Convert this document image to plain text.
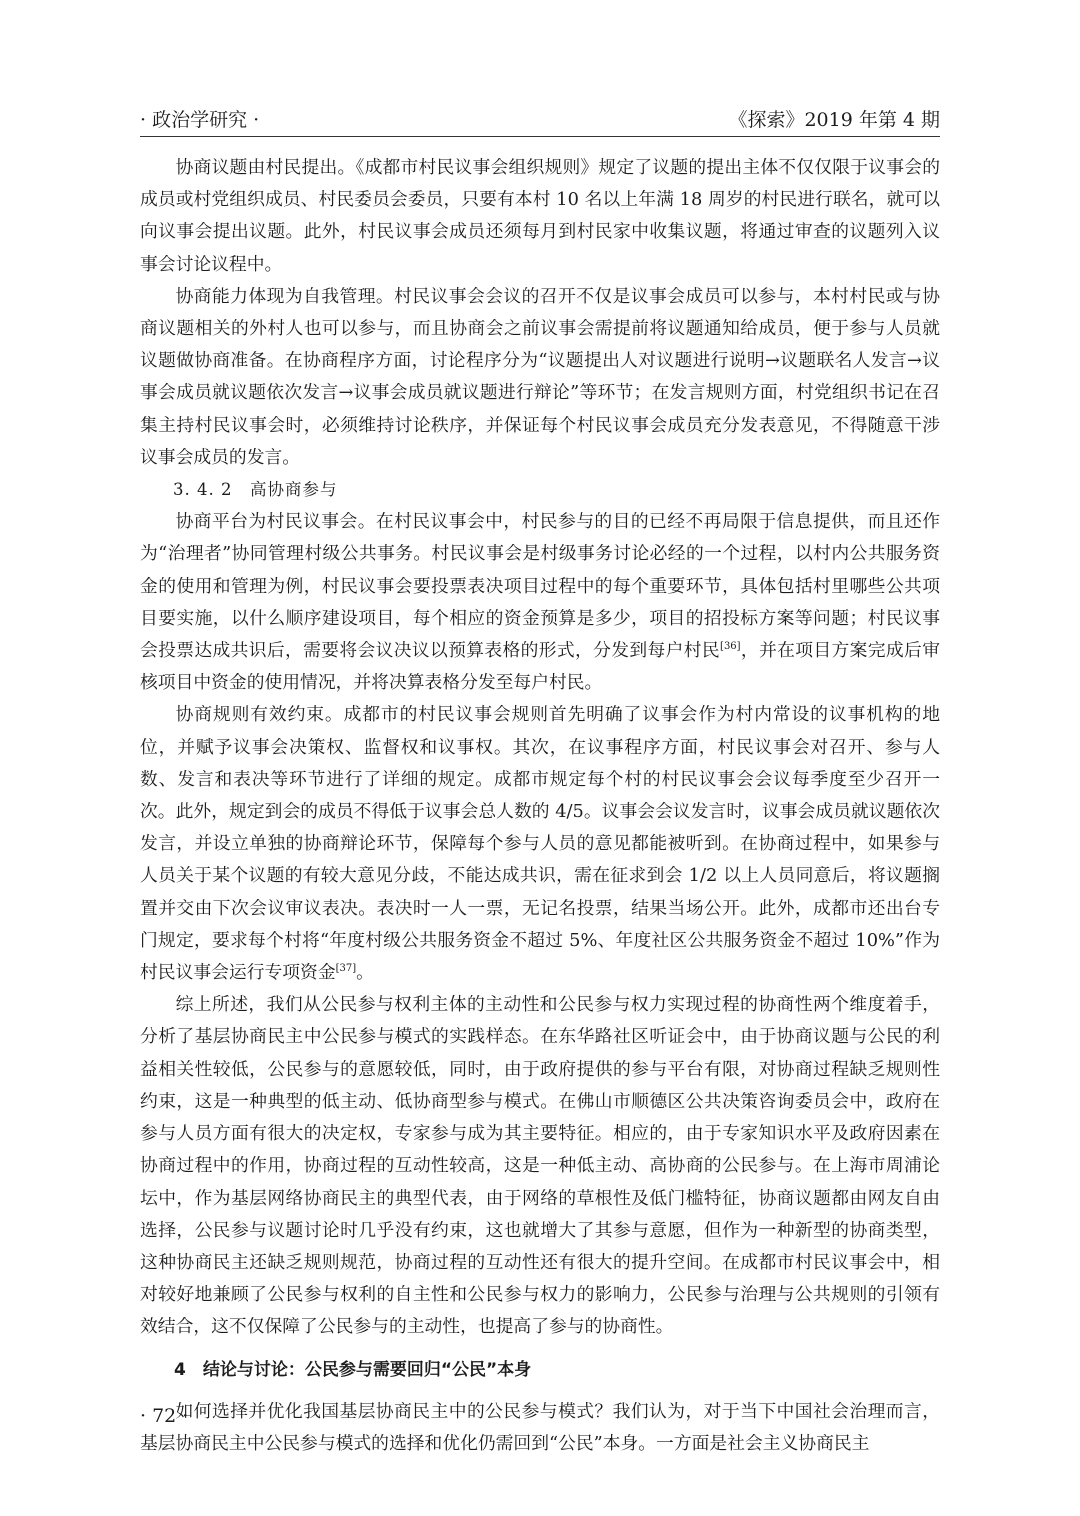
· 政治学研究 ·	《探索》2019 年第 4 期

协商议题由村民提出。《成都市村民议事会组织规则》规定了议题的提出主体不仅仅限于议事会的成员或村党组织成员、村民委员会委员，只要有本村 10 名以上年满 18 周岁的村民进行联名，就可以向议事会提出议题。此外，村民议事会成员还须每月到村民家中收集议题，将通过审查的议题列入议事会讨论议程中。

协商能力体现为自我管理。村民议事会会议的召开不仅是议事会成员可以参与，本村村民或与协商议题相关的外村人也可以参与，而且协商会之前议事会需提前将议题通知给成员，便于参与人员就议题做协商准备。在协商程序方面，讨论程序分为“议题提出人对议题进行说明→议题联名人发言→议事会成员就议题依次发言→议事会成员就议题进行辩论”等环节；在发言规则方面，村党组织书记在召集主持村民议事会时，必须维持讨论秩序，并保证每个村民议事会成员充分发表意见，不得随意干涉议事会成员的发言。

3. 4. 2　高协商参与

协商平台为村民议事会。在村民议事会中，村民参与的目的已经不再局限于信息提供，而且还作为“治理者”协同管理村级公共事务。村民议事会是村级事务讨论必经的一个过程，以村内公共服务资金的使用和管理为例，村民议事会要投票表决项目过程中的每个重要环节，具体包括村里哪些公共项目要实施，以什么顺序建设项目，每个相应的资金预算是多少，项目的招投标方案等问题；村民议事会投票达成共识后，需要将会议决议以预算表格的形式，分发到每户村民[36]，并在项目方案完成后审核项目中资金的使用情况，并将决算表格分发至每户村民。

协商规则有效约束。成都市的村民议事会规则首先明确了议事会作为村内常设的议事机构的地位，并赋予议事会决策权、监督权和议事权。其次，在议事程序方面，村民议事会对召开、参与人数、发言和表决等环节进行了详细的规定。成都市规定每个村的村民议事会会议每季度至少召开一次。此外，规定到会的成员不得低于议事会总人数的 4/5。议事会会议发言时，议事会成员就议题依次发言，并设立单独的协商辩论环节，保障每个参与人员的意见都能被听到。在协商过程中，如果参与人员关于某个议题的有较大意见分歧，不能达成共识，需在征求到会 1/2 以上人员同意后，将议题搁置并交由下次会议审议表决。表决时一人一票，无记名投票，结果当场公开。此外，成都市还出台专门规定，要求每个村将“年度村级公共服务资金不超过 5%、年度社区公共服务资金不超过 10%”作为村民议事会运行专项资金[37]。

综上所述，我们从公民参与权利主体的主动性和公民参与权力实现过程的协商性两个维度着手，分析了基层协商民主中公民参与模式的实践样态。在东华路社区听证会中，由于协商议题与公民的利益相关性较低，公民参与的意愿较低，同时，由于政府提供的参与平台有限，对协商过程缺乏规则性约束，这是一种典型的低主动、低协商型参与模式。在佛山市顺德区公共决策咨询委员会中，政府在参与人员方面有很大的决定权，专家参与成为其主要特征。相应的，由于专家知识水平及政府因素在协商过程中的作用，协商过程的互动性较高，这是一种低主动、高协商的公民参与。在上海市周浦论坛中，作为基层网络协商民主的典型代表，由于网络的草根性及低门槛特征，协商议题都由网友自由选择，公民参与议题讨论时几乎没有约束，这也就增大了其参与意愿，但作为一种新型的协商类型，这种协商民主还缺乏规则规范，协商过程的互动性还有很大的提升空间。在成都市村民议事会中，相对较好地兼顾了公民参与权利的自主性和公民参与权力的影响力，公民参与治理与公共规则的引领有效结合，这不仅保障了公民参与的主动性，也提高了参与的协商性。

4　结论与讨论：公民参与需要回归“公民”本身

如何选择并优化我国基层协商民主中的公民参与模式？我们认为，对于当下中国社会治理而言，基层协商民主中公民参与模式的选择和优化仍需回到“公民”本身。一方面是社会主义协商民主

· 72 ·
